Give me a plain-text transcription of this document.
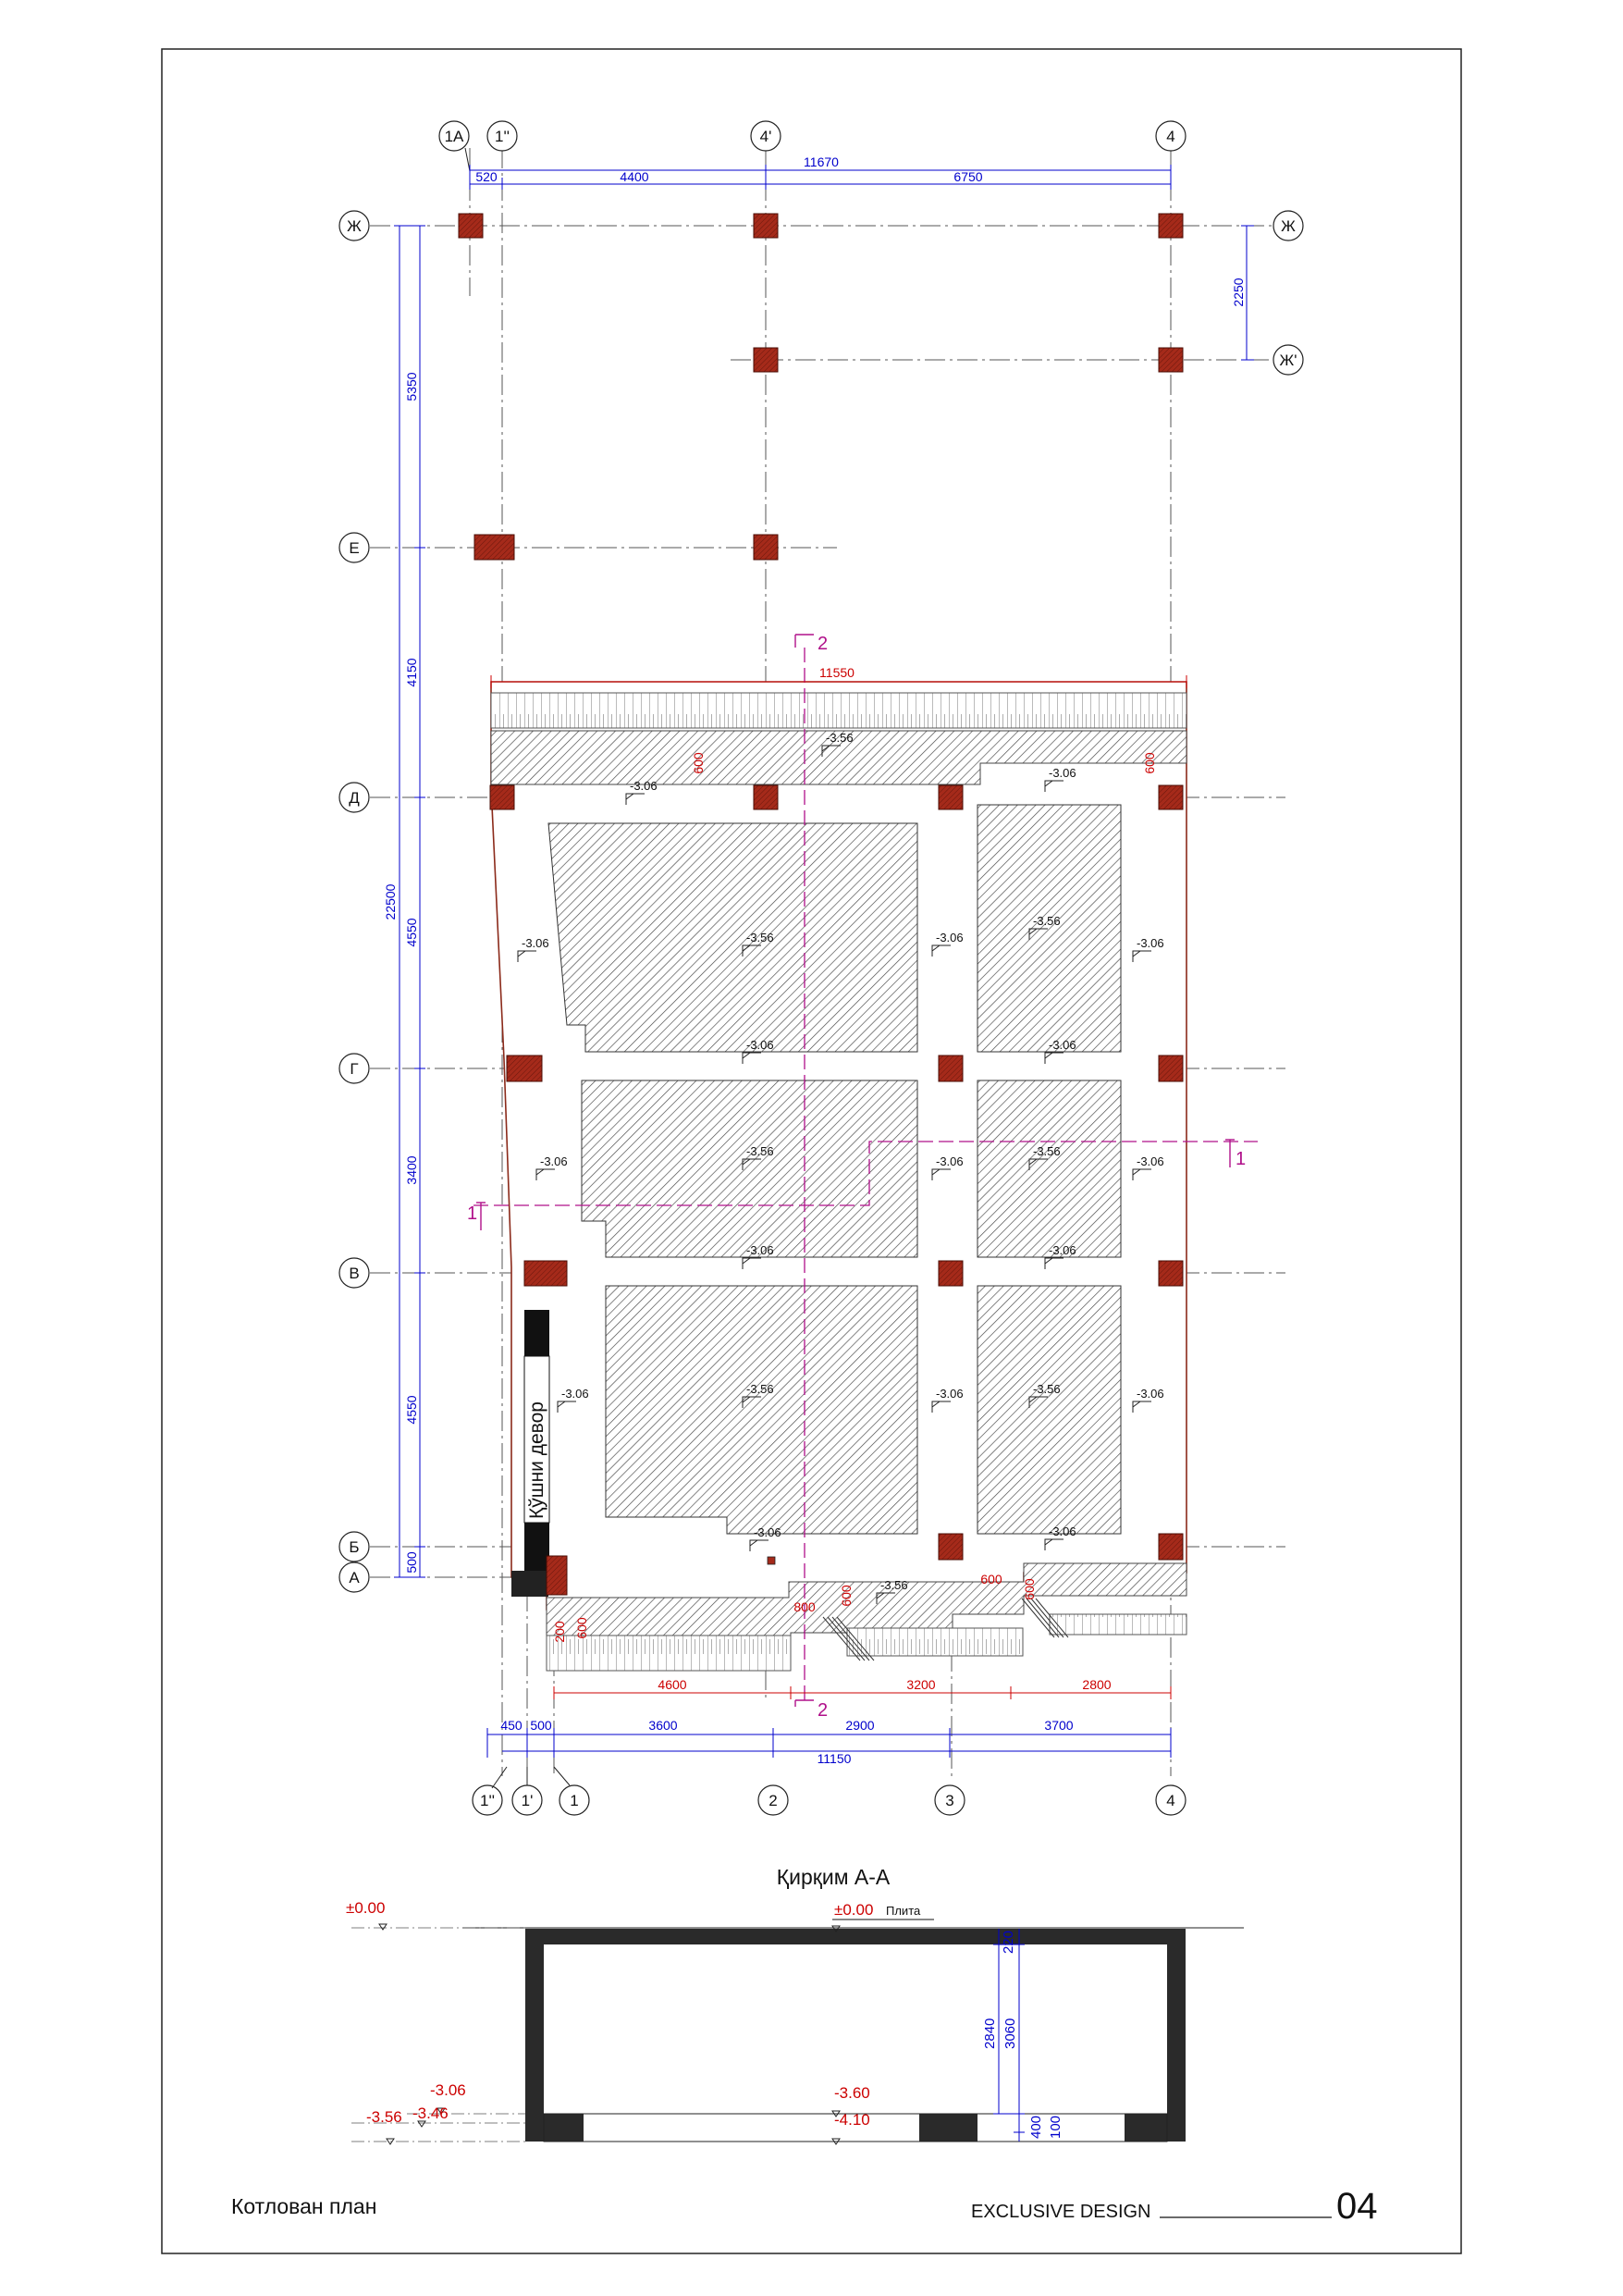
1А 1''	4'	4
Ж
Е
Д
Г
В
Б
А
Ж
Ж'
1'' 1' 1	2	3	4
Қўшни девор
2
2
1
1
11670
520	4400	6750
2250
22500
5350
4150
4550
3400
4550
500
450 500	3600	2900	3700
11150
11550
4600	3200	2800
600	600
200 600
800
600
600 600
-3.06
-3.06
-3.56
-3.06	-3.56	-3.06
-3.56
-3.06
-3.06	-3.06
-3.06
-3.56
-3.06
-3.56
-3.06
-3.06	-3.06
-3.06	-3.56	-3.06	-3.56	-3.06
-3.06
-3.06
-3.56
Қирқим А-А
220
2840 3060
400 100
±0.00	±0.00
-3.06
-3.46
-3.56
-3.60
-4.10
Плита
Котлован план	EXCLUSIVE DESIGN	04
